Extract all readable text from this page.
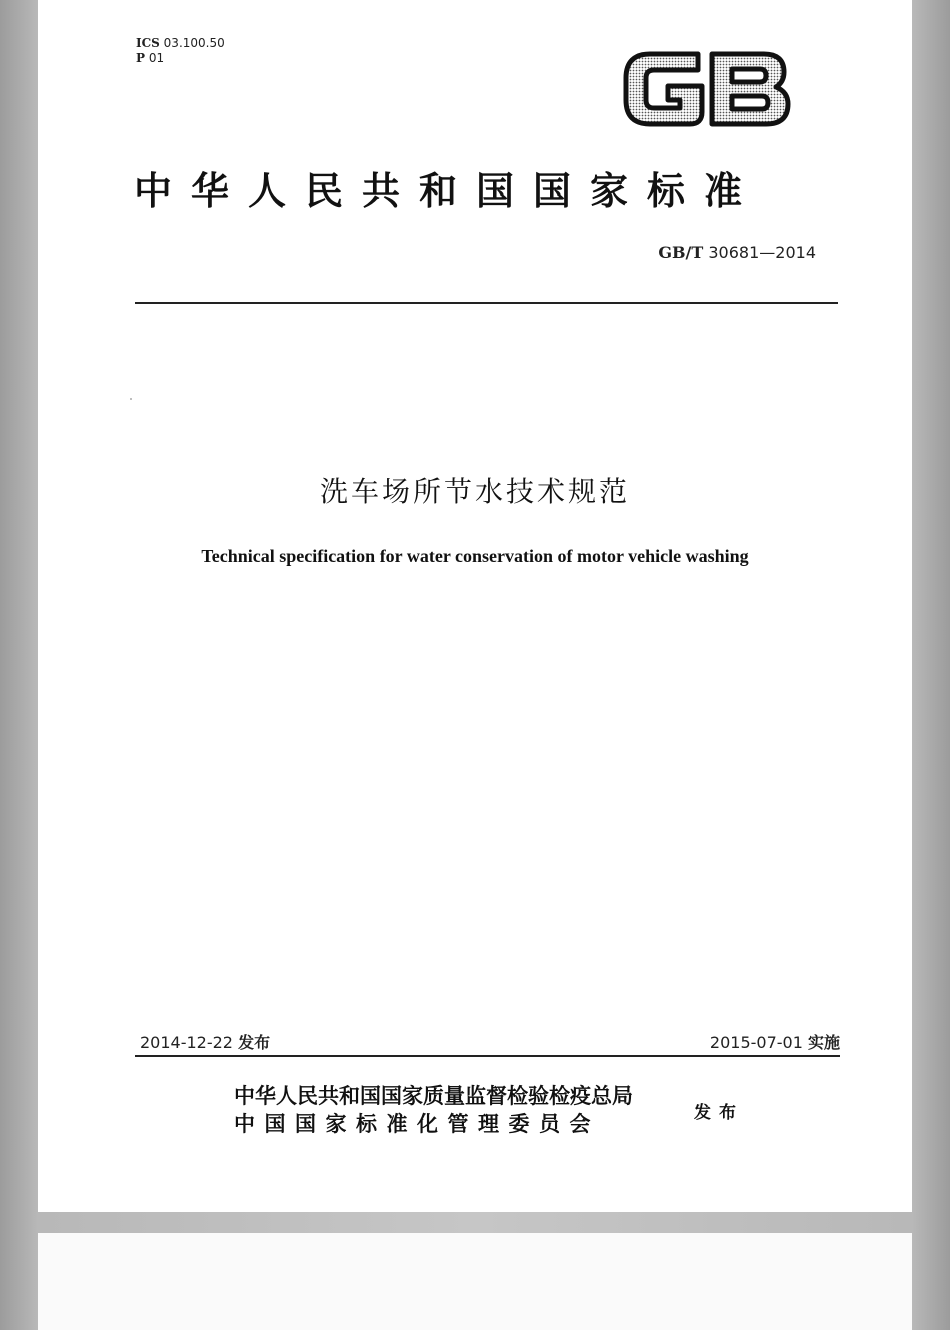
ICS 03.100.50
P 01
中华人民共和国国家标准
GB/T 30681—2014
洗车场所节水技术规范
Technical specification for water conservation of motor vehicle washing
2014-12-22 发布	2015-07-01 实施
中华人民共和国国家质量监督检验检疫总局
中国国家标准化管理委员会	发布
